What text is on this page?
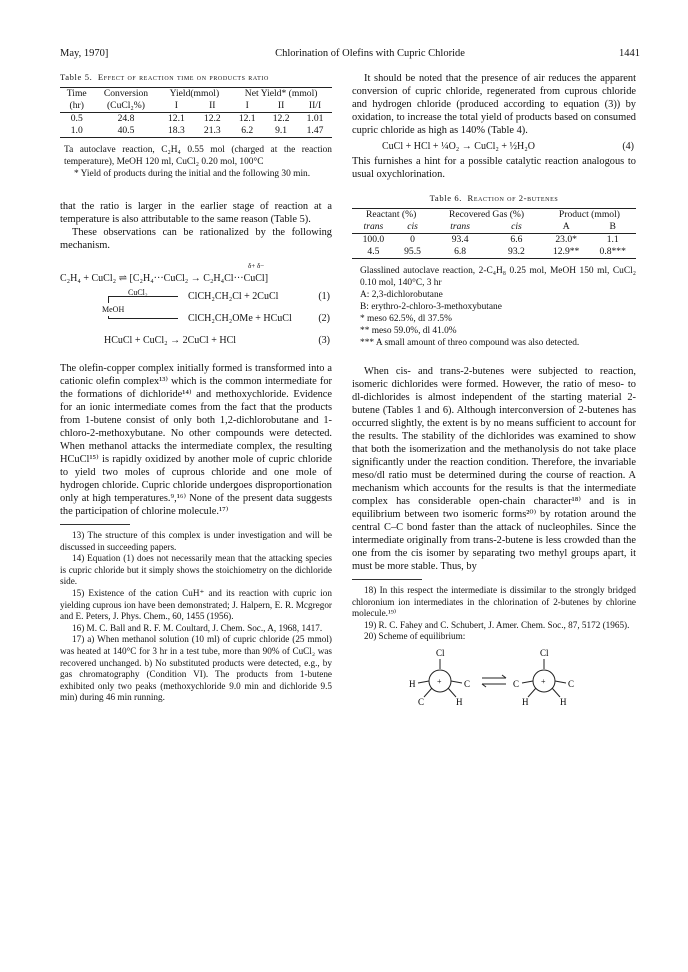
May, 1970]	Chlorination of Olefins with Cupric Chloride	1441
Table 5. Effect of reaction time on products ratio
Time	Conversion	Yield(mmol)		Net Yield* (mmol)		
(hr)	(CuCl₂%)	I	II	I	II	II/I
0.5	24.8	12.1	12.2	12.1	12.2	1.01
1.0	40.5	18.3	21.3	6.2	9.1	1.47

Ta autoclave reaction, C₂H₄ 0.55 mol (charged at the reaction temperature), MeOH 120 ml, CuCl₂ 0.20 mol, 100°C

* Yield of products during the initial and the following 30 min.

that the ratio is larger in the earlier stage of reaction at a temperature is also attributable to the same reason (Table 5).

These observations can be rationalized by the following mechanism.

δ+ δ−
C₂H₄ + CuCl₂ ⇌ [C₂H₄···CuCl₂ → C₂H₄Cl···CuCl]
CuCl₂
MeOH
ClCH₂CH₂Cl + 2CuCl	(1)
ClCH₂CH₂OMe + HCuCl	(2)
HCuCl + CuCl₂ → 2CuCl + HCl	(3)

The olefin-copper complex initially formed is transformed into a cationic olefin complex¹³⁾ which is the common intermediate for the formations of dichloride¹⁴⁾ and methoxychloride. Evidence for an ionic intermediate comes from the fact that the products from 1-butene consist of only both 1,2-dichlorobutane and 1-chloro-2-methoxybutane. No other compounds were detected. When methanol attacks the intermediate complex, the resulting HCuCl¹⁵⁾ is rapidly oxidized by another mole of cupric chloride to yield two moles of cuprous chloride and one mole of hydrogen chloride. Cupric chloride undergoes disproportionation only at high temperatures.⁹,¹⁶⁾ None of the present data suggests the participation of chlorine molecule.¹⁷⁾

13) The structure of this complex is under investigation and will be discussed in succeeding papers.

14) Equation (1) does not necessarily mean that the attacking species is cupric chloride but it simply shows the stoichiometry on the dichloride side.

15) Existence of the cation CuH⁺ and its reaction with cupric ion yielding cuprous ion have been demonstrated; J. Halpern, E. R. Mcgregor and E. Peters, J. Phys. Chem., 60, 1455 (1956).

16) M. C. Ball and R. F. M. Coultard, J. Chem. Soc., A, 1968, 1417.

17) a) When methanol solution (10 ml) of cupric chloride (25 mmol) was heated at 140°C for 3 hr in a test tube, more than 90% of CuCl₂ was recovered unchanged. b) No substituted products were detected, e.g., by gas chromatography (Condition VI). The products from 1-butene exhibited only two peaks (methoxychloride 9.0 min and dichloride 9.5 min) during 46 min running.

It should be noted that the presence of air reduces the apparent conversion of cupric chloride, regenerated from cuprous chloride and hydrogen chloride (produced according to equation (3)) by oxidation, to increase the total yield of products based on consumed cupric chloride as high as 140% (Table 4).

CuCl + HCl + ¼O₂ → CuCl₂ + ½H₂O	(4)

This furnishes a hint for a possible catalytic reaction analogous to usual oxychlorination.

Table 6. Reaction of 2-butenes
Reactant (%)		Recovered Gas (%)		Product (mmol)	
trans	cis	trans	cis	A	B
100.0	0	93.4	6.6	23.0*	1.1
4.5	95.5	6.8	93.2	12.9**	0.8***

Glasslined autoclave reaction, 2-C₄H₈ 0.25 mol, MeOH 150 ml, CuCl₂ 0.10 mol, 140°C, 3 hr

A: 2,3-dichlorobutane

B: erythro-2-chloro-3-methoxybutane

* meso 62.5%, dl 37.5%

** meso 59.0%, dl 41.0%

*** A small amount of threo compound was also detected.

When cis- and trans-2-butenes were subjected to reaction, isomeric dichlorides were formed. However, the ratio of meso- to dl-dichlorides is almost independent of the starting material 2-butene (Tables 1 and 6). Although interconversion of 2-butenes has occurred slightly, the extent is by no means sufficient to account for the results. The stability of the dichlorides was examined to show that both the isomerization and the methanolysis do not take place significantly under the reaction condition. Therefore, the invariable meso/dl ratio must be determined during the course of reaction. A mechanism which accounts for the results is that the intermediate complex has considerable open-chain character¹⁸⁾ and is in equilibrium between two isomeric forms²⁰⁾ by rotation around the central C–C bond faster than the attack of nucleophiles. Since the intermediate originally from trans-2-butene is less crowded than the one from the cis isomer by separating two methyl groups apart, it must be more stable. Thus, by

18) In this respect the intermediate is dissimilar to the strongly bridged chloronium ion intermediates in the chlorination of 2-butenes by chlorine molecule.¹⁹⁾

19) R. C. Fahey and C. Schubert, J. Amer. Chem. Soc., 87, 5172 (1965).

20) Scheme of equilibrium:

Cl
+
H
C	H
C
Cl
+
C
H	H
C
